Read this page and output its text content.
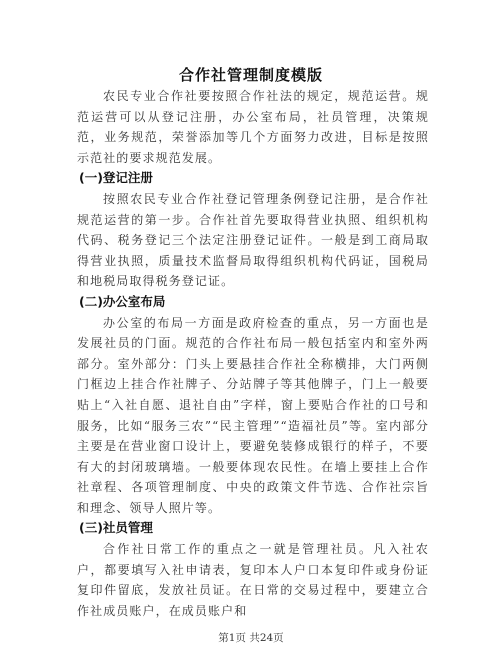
合作社管理制度模版

农民专业合作社要按照合作社法的规定，规范运营。规范运营可以从登记注册，办公室布局，社员管理，决策规范，业务规范，荣誉添加等几个方面努力改进，目标是按照示范社的要求规范发展。

(一)登记注册

按照农民专业合作社登记管理条例登记注册，是合作社规范运营的第一步。合作社首先要取得营业执照、组织机构代码、税务登记三个法定注册登记证件。一般是到工商局取得营业执照，质量技术监督局取得组织机构代码证，国税局和地税局取得税务登记证。

(二)办公室布局

办公室的布局一方面是政府检查的重点，另一方面也是发展社员的门面。规范的合作社布局一般包括室内和室外两部分。室外部分：门头上要悬挂合作社全称横排，大门两侧门框边上挂合作社牌子、分站牌子等其他牌子，门上一般要贴上“入社自愿、退社自由”字样，窗上要贴合作社的口号和服务，比如“服务三农”“民主管理”“造福社员”等。室内部分主要是在营业窗口设计上，要避免装修成银行的样子，不要有大的封闭玻璃墙。一般要体现农民性。在墙上要挂上合作社章程、各项管理制度、中央的政策文件节选、合作社宗旨和理念、领导人照片等。

(三)社员管理

合作社日常工作的重点之一就是管理社员。凡入社农户，都要填写入社申请表，复印本人户口本复印件或身份证复印件留底，发放社员证。在日常的交易过程中，要建立合作社成员账户，在成员账户和

第1页 共24页
